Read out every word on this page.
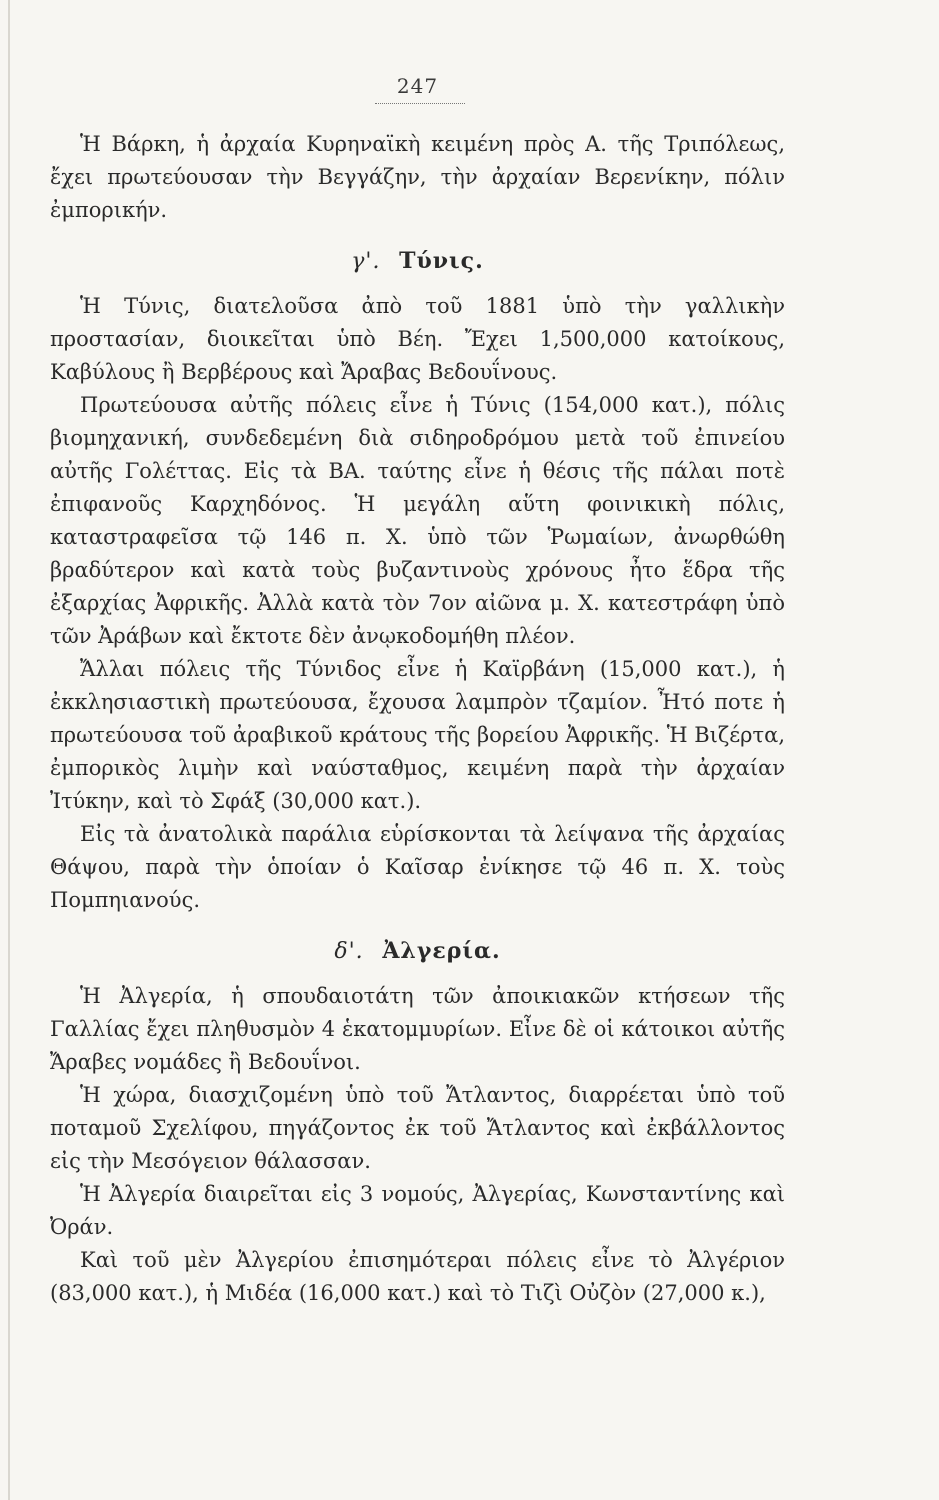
247

Ἡ Βάρκη, ἡ ἀρχαία Κυρηναϊκὴ κειμένη πρὸς Α. τῆς Τριπόλεως, ἔχει πρωτεύουσαν τὴν Βεγγάζην, τὴν ἀρχαίαν Βερενίκην, πόλιν ἐμπορικήν.

γ'. Τύνις.

Ἡ Τύνις, διατελοῦσα ἀπὸ τοῦ 1881 ὑπὸ τὴν γαλλικὴν προστασίαν, διοικεῖται ὑπὸ Βέη. Ἔχει 1,500,000 κατοίκους, Καβύλους ἢ Βερβέρους καὶ Ἄραβας Βεδουΐνους.

Πρωτεύουσα αὐτῆς πόλεις εἶνε ἡ Τύνις (154,000 κατ.), πόλις βιομηχανική, συνδεδεμένη διὰ σιδηροδρόμου μετὰ τοῦ ἐπινείου αὐτῆς Γολέττας. Εἰς τὰ ΒΑ. ταύτης εἶνε ἡ θέσις τῆς πάλαι ποτὲ ἐπιφανοῦς Καρχηδόνος. Ἡ μεγάλη αὕτη φοινικικὴ πόλις, καταστραφεῖσα τῷ 146 π. Χ. ὑπὸ τῶν Ῥωμαίων, ἀνωρθώθη βραδύτερον καὶ κατὰ τοὺς βυζαντινοὺς χρόνους ἦτο ἕδρα τῆς ἐξαρχίας Ἀφρικῆς. Ἀλλὰ κατὰ τὸν 7ον αἰῶνα μ. Χ. κατεστράφη ὑπὸ τῶν Ἀράβων καὶ ἔκτοτε δὲν ἀνῳκοδομήθη πλέον.

Ἄλλαι πόλεις τῆς Τύνιδος εἶνε ἡ Καϊρβάνη (15,000 κατ.), ἡ ἐκκλησιαστικὴ πρωτεύουσα, ἔχουσα λαμπρὸν τζαμίον. Ἦτό ποτε ἡ πρωτεύουσα τοῦ ἀραβικοῦ κράτους τῆς βορείου Ἀφρικῆς. Ἡ Βιζέρτα, ἐμπορικὸς λιμὴν καὶ ναύσταθμος, κειμένη παρὰ τὴν ἀρχαίαν Ἰτύκην, καὶ τὸ Σφάξ (30,000 κατ.).

Εἰς τὰ ἀνατολικὰ παράλια εὑρίσκονται τὰ λείψανα τῆς ἀρχαίας Θάψου, παρὰ τὴν ὁποίαν ὁ Καῖσαρ ἐνίκησε τῷ 46 π. Χ. τοὺς Πομπηιανούς.

δ'. Ἀλγερία.

Ἡ Ἀλγερία, ἡ σπουδαιοτάτη τῶν ἀποικιακῶν κτήσεων τῆς Γαλλίας ἔχει πληθυσμὸν 4 ἑκατομμυρίων. Εἶνε δὲ οἱ κάτοικοι αὐτῆς Ἄραβες νομάδες ἢ Βεδουΐνοι.

Ἡ χώρα, διασχιζομένη ὑπὸ τοῦ Ἄτλαντος, διαρρέεται ὑπὸ τοῦ ποταμοῦ Σχελίφου, πηγάζοντος ἐκ τοῦ Ἄτλαντος καὶ ἐκβάλλοντος εἰς τὴν Μεσόγειον θάλασσαν.

Ἡ Ἀλγερία διαιρεῖται εἰς 3 νομούς, Ἀλγερίας, Κωνσταντίνης καὶ Ὀράν.

Καὶ τοῦ μὲν Ἀλγερίου ἐπισημότεραι πόλεις εἶνε τὸ Ἀλγέριον (83,000 κατ.), ἡ Μιδέα (16,000 κατ.) καὶ τὸ Τιζὶ Οὐζὸν (27,000 κ.),
